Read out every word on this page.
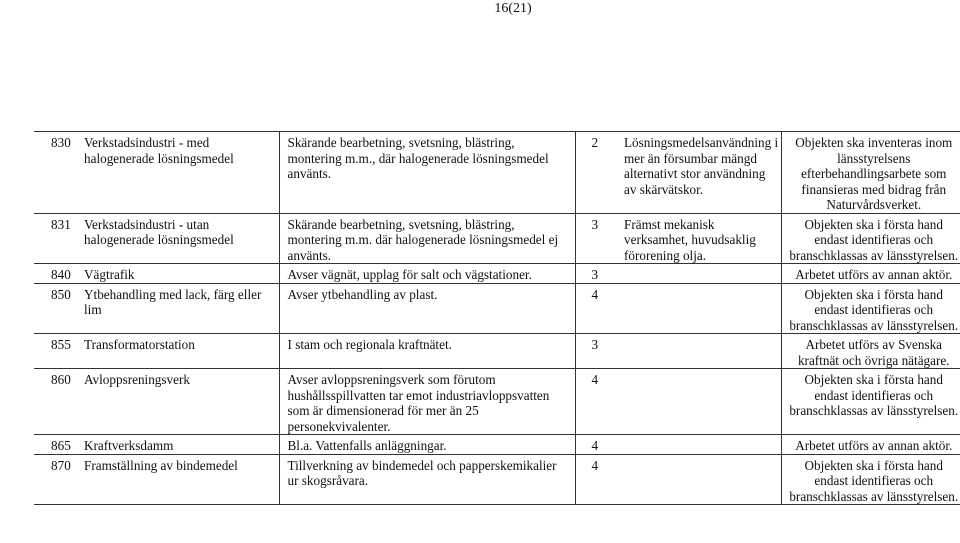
16(21)
830	Verkstadsindustri - med halogenerade lösningsmedel	Skärande bearbetning, svetsning, blästring, montering m.m., där halogenerade lösningsmedel använts.	2	Lösningsmedelsanvändning i mer än försumbar mängd alternativt stor användning av skärvätskor.	Objekten ska inventeras inom länsstyrelsens efterbehandlingsarbete som finansieras med bidrag från Naturvårdsverket.
831	Verkstadsindustri - utan halogenerade lösningsmedel	Skärande bearbetning, svetsning, blästring, montering m.m. där halogenerade lösningsmedel ej använts.	3	Främst mekanisk verksamhet, huvudsaklig förorening olja.	Objekten ska i första hand endast identifieras och branschklassas av länsstyrelsen.
840	Vägtrafik	Avser vägnät, upplag för salt och vägstationer.	3		Arbetet utförs av annan aktör.
850	Ytbehandling med lack, färg eller lim	Avser ytbehandling av plast.	4		Objekten ska i första hand endast identifieras och branschklassas av länsstyrelsen.
855	Transformatorstation	I stam och regionala kraftnätet.	3		Arbetet utförs av Svenska kraftnät och övriga nätägare.
860	Avloppsreningsverk	Avser avloppsreningsverk som förutom hushållsspillvatten tar emot industriavloppsvatten som är dimensionerad för mer än 25 personekvivalenter.	4		Objekten ska i första hand endast identifieras och branschklassas av länsstyrelsen.
865	Kraftverksdamm	Bl.a. Vattenfalls anläggningar.	4		Arbetet utförs av annan aktör.
870	Framställning av bindemedel	Tillverkning av bindemedel och papperskemikalier ur skogsråvara.	4		Objekten ska i första hand endast identifieras och branschklassas av länsstyrelsen.
